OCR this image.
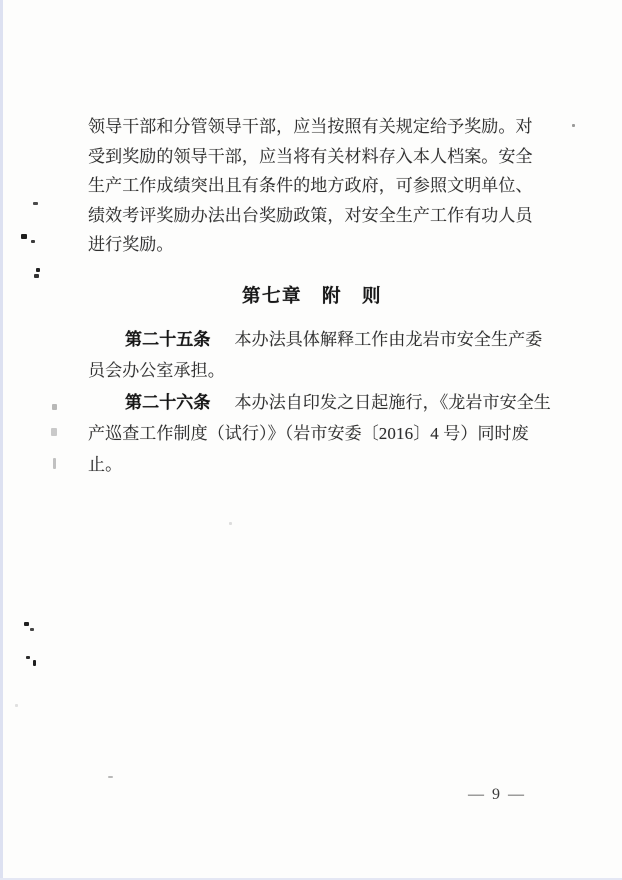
领导干部和分管领导干部，应当按照有关规定给予奖励。对
受到奖励的领导干部，应当将有关材料存入本人档案。安全
生产工作成绩突出且有条件的地方政府，可参照文明单位、
绩效考评奖励办法出台奖励政策，对安全生产工作有功人员
进行奖励。
第七章　附　则
第二十五条 本办法具体解释工作由龙岩市安全生产委
员会办公室承担。
第二十六条 本办法自印发之日起施行，《龙岩市安全生
产巡查工作制度（试行）》（岩市安委〔2016〕4 号）同时废
止。
— 9 —
